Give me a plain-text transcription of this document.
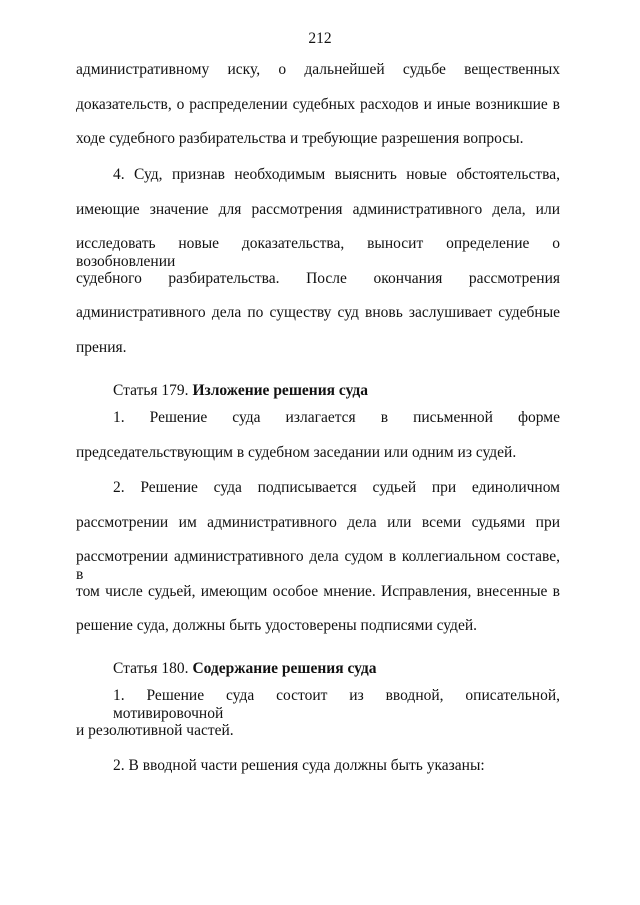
212
административному иску, о дальнейшей судьбе вещественных
доказательств, о распределении судебных расходов и иные возникшие в
ходе судебного разбирательства и требующие разрешения вопросы.
4. Суд, признав необходимым выяснить новые обстоятельства,
имеющие значение для рассмотрения административного дела, или
исследовать новые доказательства, выносит определение о возобновлении
судебного разбирательства. После окончания рассмотрения
административного дела по существу суд вновь заслушивает судебные
прения.
Статья 179. Изложение решения суда
1. Решение суда излагается в письменной форме
председательствующим в судебном заседании или одним из судей.
2. Решение суда подписывается судьей при единоличном
рассмотрении им административного дела или всеми судьями при
рассмотрении административного дела судом в коллегиальном составе, в
том числе судьей, имеющим особое мнение. Исправления, внесенные в
решение суда, должны быть удостоверены подписями судей.
Статья 180. Содержание решения суда
1. Решение суда состоит из вводной, описательной, мотивировочной
и резолютивной частей.
2. В вводной части решения суда должны быть указаны:
